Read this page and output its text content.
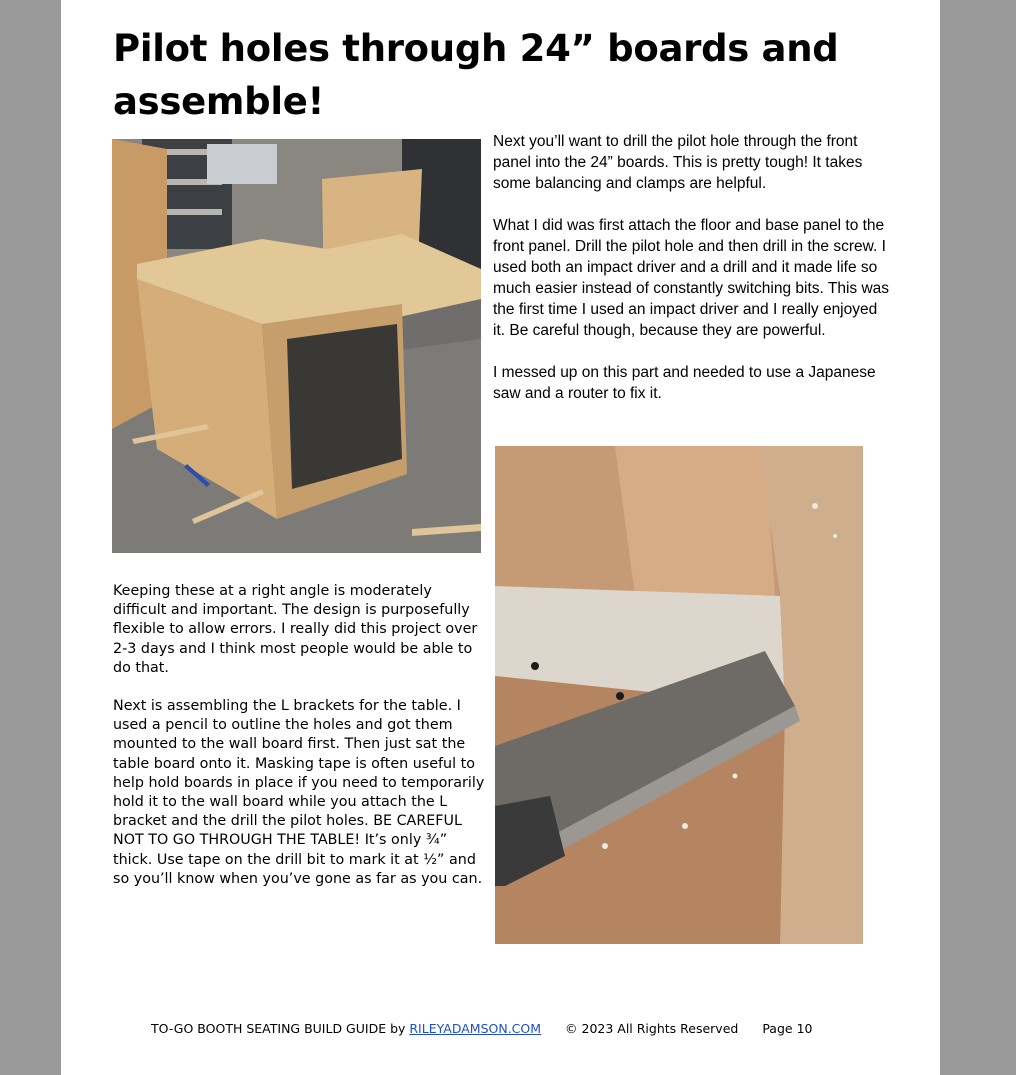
Pilot holes through 24” boards and assemble!

Next you’ll want to drill the pilot hole through the front panel into the 24” boards. This is pretty tough! It takes some balancing and clamps are helpful.

What I did was first attach the floor and base panel to the front panel. Drill the pilot hole and then drill in the screw. I used both an impact driver and a drill and it made life so much easier instead of constantly switching bits. This was the first time I used an impact driver and I really enjoyed it. Be careful though, because they are powerful.

I messed up on this part and needed to use a Japanese saw and a router to fix it.

Keeping these at a right angle is moderately difficult and important. The design is purposefully flexible to allow errors. I really did this project over 2-3 days and I think most people would be able to do that.

Next is assembling the L brackets for the table. I used a pencil to outline the holes and got them mounted to the wall board first. Then just sat the table board onto it. Masking tape is often useful to help hold boards in place if you need to temporarily hold it to the wall board while you attach the L bracket and the drill the pilot holes. BE CAREFUL NOT TO GO THROUGH THE TABLE! It’s only ¾” thick. Use tape on the drill bit to mark it at ½” and so you’ll know when you’ve gone as far as you can.

TO-GO BOOTH SEATING BUILD GUIDE by RILEYADAMSON.COM © 2023 All Rights Reserved Page 10
